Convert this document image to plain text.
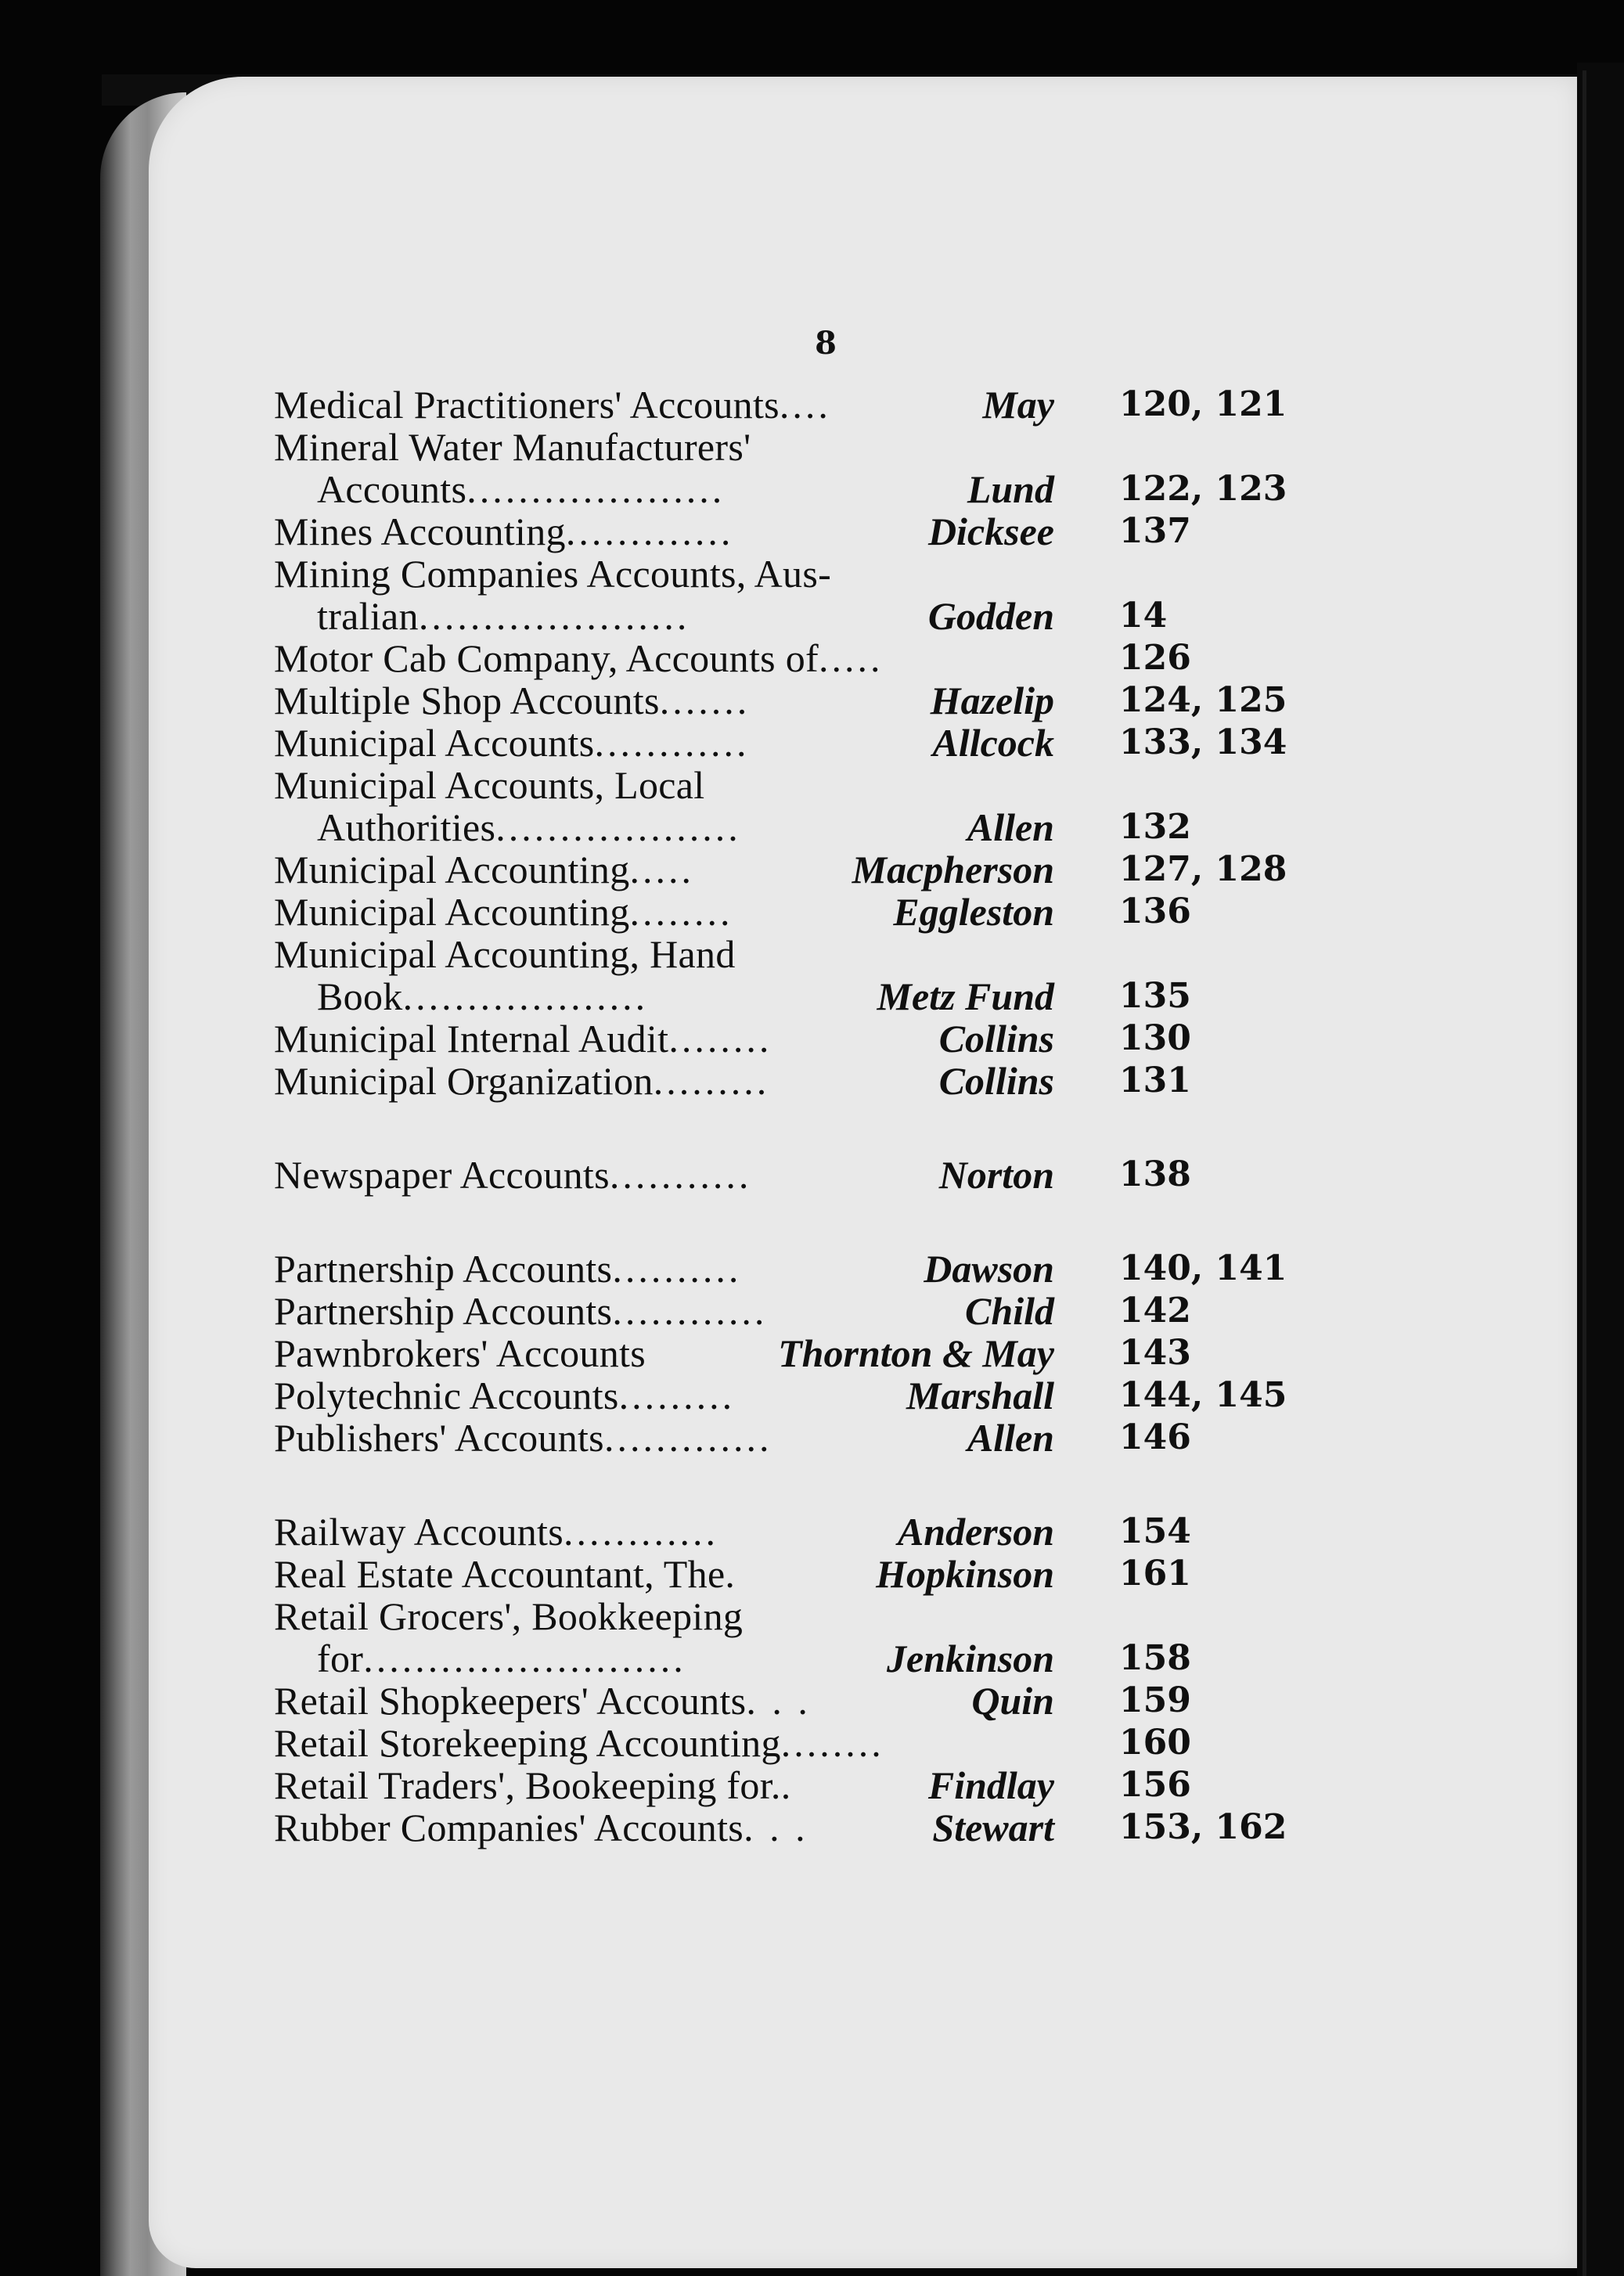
8
Medical Practitioners' Accounts....	May 120, 121
Mineral Water Manufacturers'
Accounts....................	Lund 122, 123
Mines Accounting.............	Dicksee 137
Mining Companies Accounts, Aus-
tralian.....................	Godden 14
Motor Cab Company, Accounts of.....	126
Multiple Shop Accounts.......	Hazelip 124, 125
Municipal Accounts............	Allcock 133, 134
Municipal Accounts, Local
Authorities...................	Allen 132
Municipal Accounting.....	Macpherson 127, 128
Municipal Accounting........	Eggleston 136
Municipal Accounting, Hand
Book...................	Metz Fund 135
Municipal Internal Audit........	Collins 130
Municipal Organization.........	Collins 131
Newspaper Accounts...........	Norton 138
Partnership Accounts..........	Dawson 140, 141
Partnership Accounts............	Child 142
Pawnbrokers' Accounts	Thornton & May 143
Polytechnic Accounts.........	Marshall 144, 145
Publishers' Accounts.............	Allen 146
Railway Accounts............	Anderson 154
Real Estate Accountant, The.	Hopkinson 161
Retail Grocers', Bookkeeping
for.........................	Jenkinson 158
Retail Shopkeepers' Accounts. . .	Quin 159
Retail Storekeeping Accounting........	160
Retail Traders', Bookeeping for..	Findlay 156
Rubber Companies' Accounts. . .	Stewart 153, 162
